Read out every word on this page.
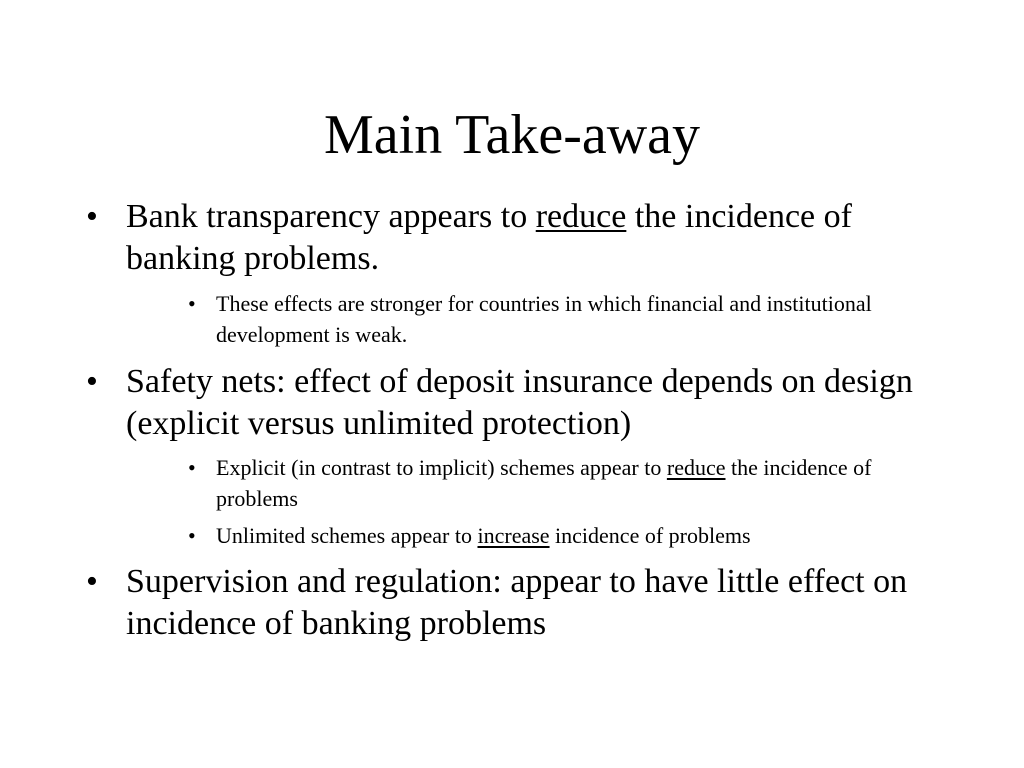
Main Take-away
• Bank transparency appears to reduce the incidence of banking problems.
• These effects are stronger for countries in which financial and institutional development is weak.
• Safety nets: effect of deposit insurance depends on design (explicit versus unlimited protection)
• Explicit (in contrast to implicit) schemes appear to reduce the incidence of problems
• Unlimited schemes appear to increase incidence of problems
• Supervision and regulation: appear to have little effect on incidence of banking problems
